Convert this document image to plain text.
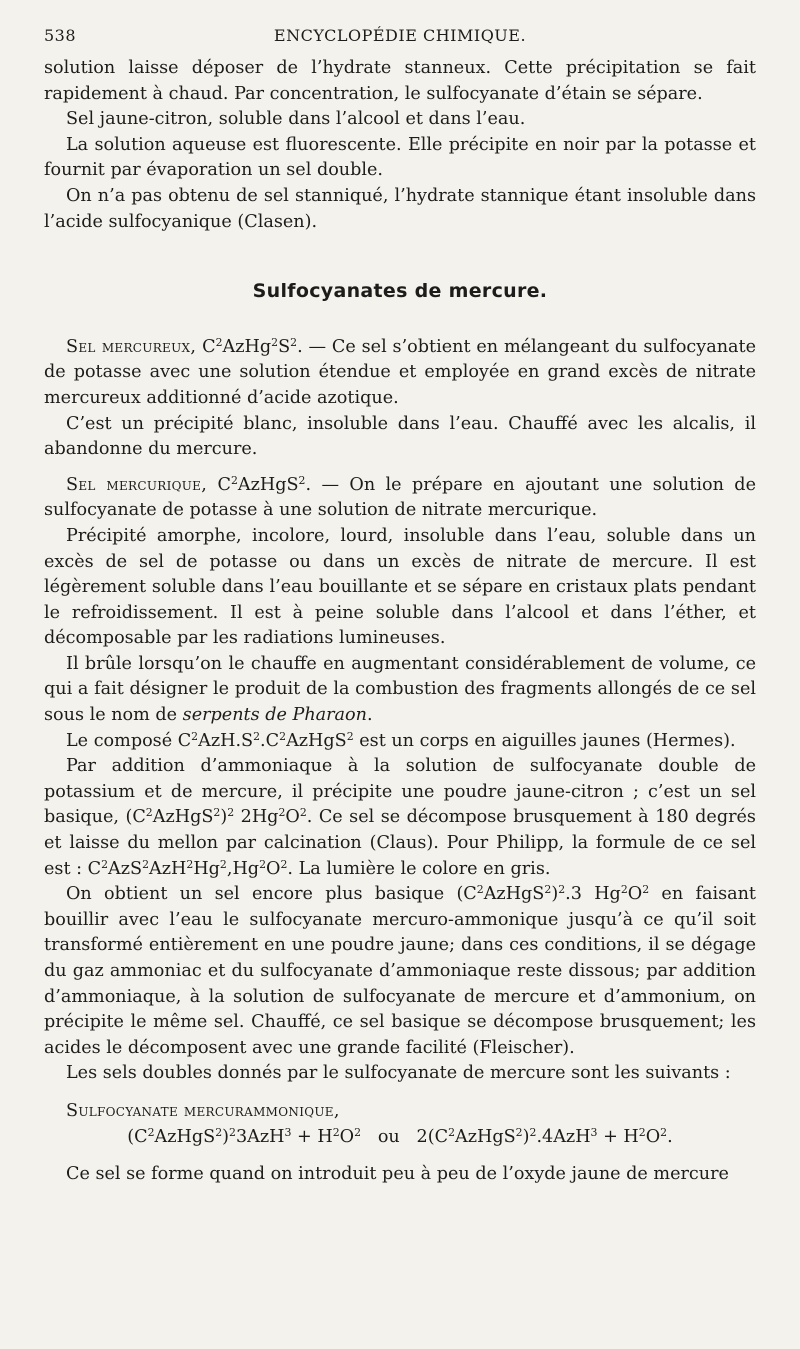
538	ENCYCLOPÉDIE CHIMIQUE.

solution laisse déposer de l’hydrate stanneux. Cette précipitation se fait rapidement à chaud. Par concentration, le sulfocyanate d’étain se sépare.

Sel jaune-citron, soluble dans l’alcool et dans l’eau.

La solution aqueuse est fluorescente. Elle précipite en noir par la potasse et fournit par évaporation un sel double.

On n’a pas obtenu de sel stanniqué, l’hydrate stannique étant insoluble dans l’acide sulfocyanique (Clasen).

Sulfocyanates de mercure.

Sel mercureux, $C^2AzHg^2S^2$. — Ce sel s’obtient en mélangeant du sulfocyanate de potasse avec une solution étendue et employée en grand excès de nitrate mercureux additionné d’acide azotique.

C’est un précipité blanc, insoluble dans l’eau. Chauffé avec les alcalis, il abandonne du mercure.

Sel mercurique, $C^2AzHgS^2$. — On le prépare en ajoutant une solution de sulfocyanate de potasse à une solution de nitrate mercurique.

Précipité amorphe, incolore, lourd, insoluble dans l’eau, soluble dans un excès de sel de potasse ou dans un excès de nitrate de mercure. Il est légèrement soluble dans l’eau bouillante et se sépare en cristaux plats pendant le refroidissement. Il est à peine soluble dans l’alcool et dans l’éther, et décomposable par les radiations lumineuses.

Il brûle lorsqu’on le chauffe en augmentant considérablement de volume, ce qui a fait désigner le produit de la combustion des fragments allongés de ce sel sous le nom de serpents de Pharaon.

Le composé $C^2AzH.S^2.C^2AzHgS^2$ est un corps en aiguilles jaunes (Hermes).

Par addition d’ammoniaque à la solution de sulfocyanate double de potassium et de mercure, il précipite une poudre jaune-citron ; c’est un sel basique, $(C^2AzHgS^2)^2$ $2Hg^2O^2$. Ce sel se décompose brusquement à 180 degrés et laisse du mellon par calcination (Claus). Pour Philipp, la formule de ce sel est : $C^2AzS^2AzH^2Hg^2,Hg^2O^2$. La lumière le colore en gris.

On obtient un sel encore plus basique $(C^2AzHgS^2)^2.3$ $Hg^2O^2$ en faisant bouillir avec l’eau le sulfocyanate mercuro-ammonique jusqu’à ce qu’il soit transformé entièrement en une poudre jaune; dans ces conditions, il se dégage du gaz ammoniac et du sulfocyanate d’ammoniaque reste dissous; par addition d’ammoniaque, à la solution de sulfocyanate de mercure et d’ammonium, on précipite le même sel. Chauffé, ce sel basique se décompose brusquement; les acides le décomposent avec une grande facilité (Fleischer).

Les sels doubles donnés par le sulfocyanate de mercure sont les suivants :

Sulfocyanate mercurammonique,

$(C^2AzHgS^2)^23AzH^3 + H^2O^2$   ou   $2(C^2AzHgS^2)^2.4AzH^3 + H^2O^2$.

Ce sel se forme quand on introduit peu à peu de l’oxyde jaune de mercure
